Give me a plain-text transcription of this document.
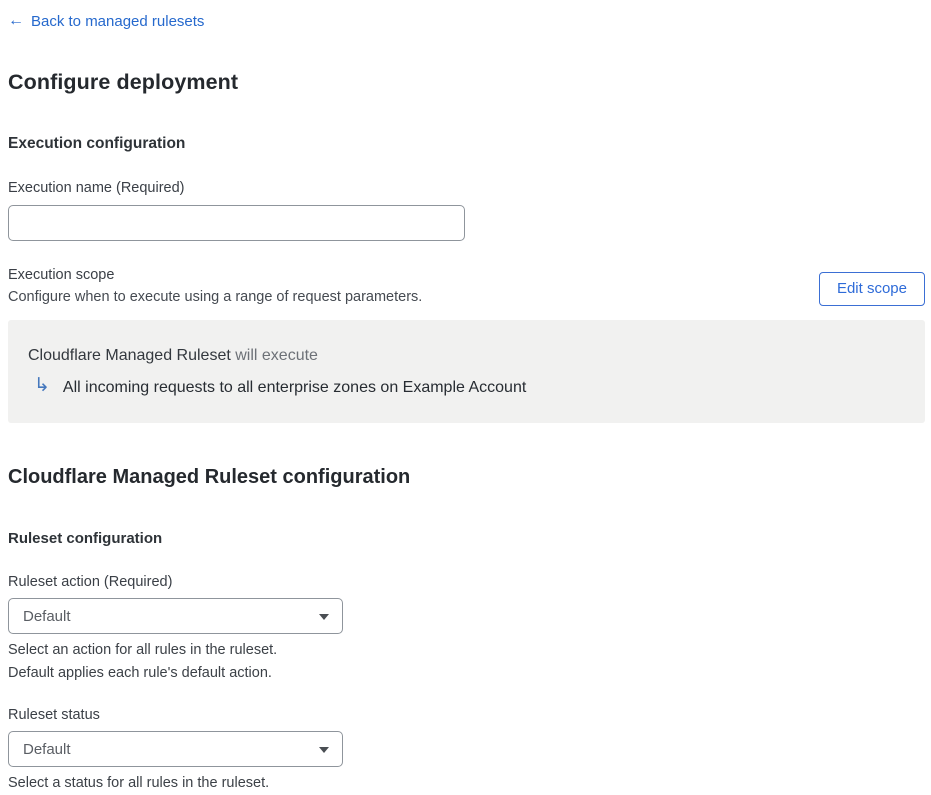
← Back to managed rulesets
Configure deployment
Execution configuration
Execution name (Required)
Execution scope
Configure when to execute using a range of request parameters.	Edit scope
Cloudflare Managed Ruleset will execute
↳ All incoming requests to all enterprise zones on Example Account
Cloudflare Managed Ruleset configuration
Ruleset configuration
Ruleset action (Required)
Default
Select an action for all rules in the ruleset.
Default applies each rule's default action.
Ruleset status
Default
Select a status for all rules in the ruleset.
